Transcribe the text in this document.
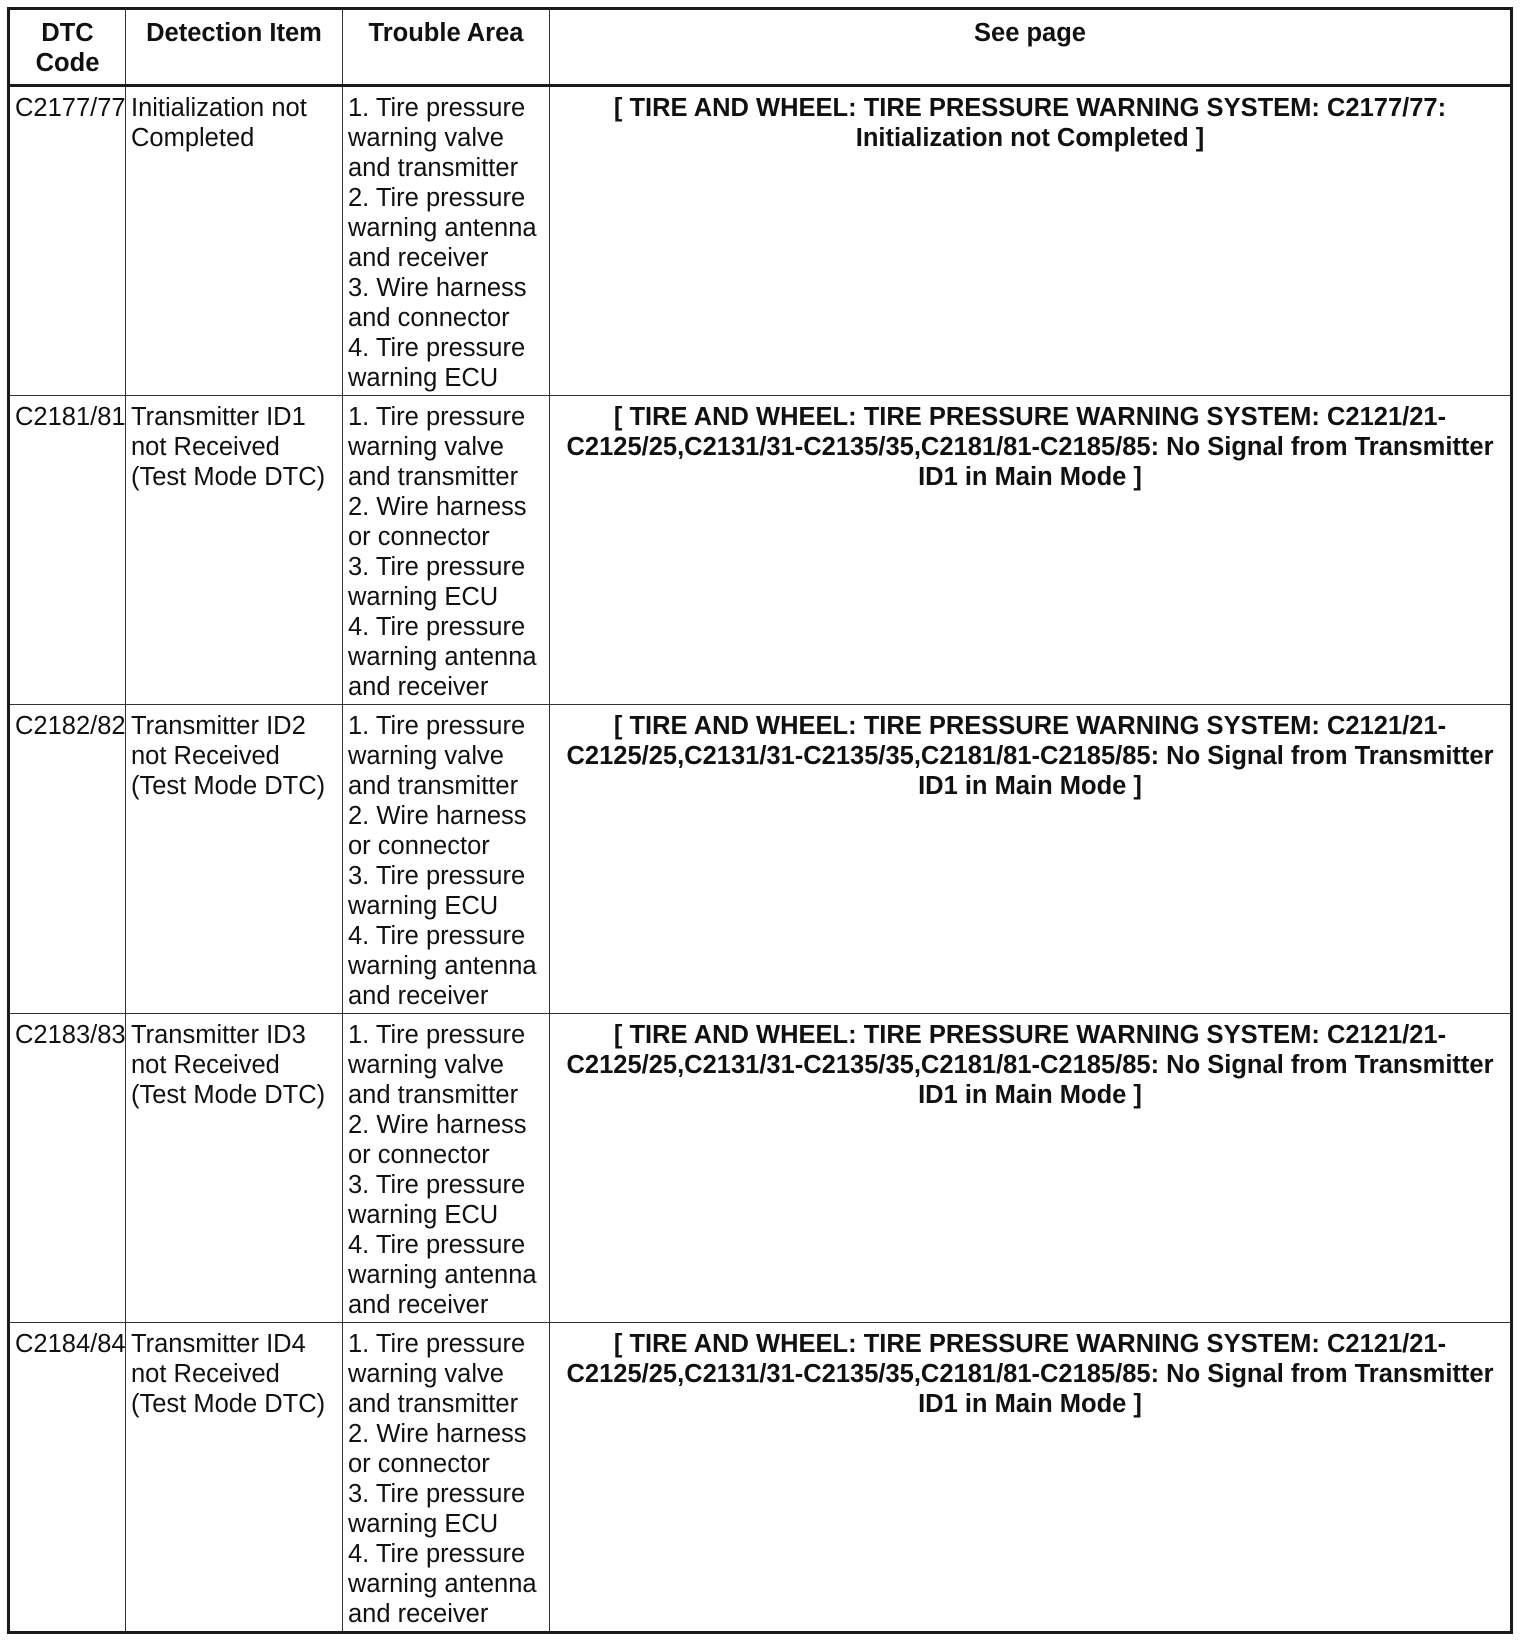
DTC Code	Detection Item	Trouble Area	See page
C2177/77	Initialization not Completed	1. Tire pressure warning valve and transmitter
2. Tire pressure warning antenna and receiver
3. Wire harness and connector
4. Tire pressure warning ECU	[ TIRE AND WHEEL: TIRE PRESSURE WARNING SYSTEM: C2177/77: Initialization not Completed ]
C2181/81	Transmitter ID1 not Received (Test Mode DTC)	1. Tire pressure warning valve and transmitter
2. Wire harness or connector
3. Tire pressure warning ECU
4. Tire pressure warning antenna and receiver	[ TIRE AND WHEEL: TIRE PRESSURE WARNING SYSTEM: C2121/21-C2125/25,C2131/31-C2135/35,C2181/81-C2185/85: No Signal from Transmitter ID1 in Main Mode ]
C2182/82	Transmitter ID2 not Received (Test Mode DTC)	1. Tire pressure warning valve and transmitter
2. Wire harness or connector
3. Tire pressure warning ECU
4. Tire pressure warning antenna and receiver	[ TIRE AND WHEEL: TIRE PRESSURE WARNING SYSTEM: C2121/21-C2125/25,C2131/31-C2135/35,C2181/81-C2185/85: No Signal from Transmitter ID1 in Main Mode ]
C2183/83	Transmitter ID3 not Received (Test Mode DTC)	1. Tire pressure warning valve and transmitter
2. Wire harness or connector
3. Tire pressure warning ECU
4. Tire pressure warning antenna and receiver	[ TIRE AND WHEEL: TIRE PRESSURE WARNING SYSTEM: C2121/21-C2125/25,C2131/31-C2135/35,C2181/81-C2185/85: No Signal from Transmitter ID1 in Main Mode ]
C2184/84	Transmitter ID4 not Received (Test Mode DTC)	1. Tire pressure warning valve and transmitter
2. Wire harness or connector
3. Tire pressure warning ECU
4. Tire pressure warning antenna and receiver	[ TIRE AND WHEEL: TIRE PRESSURE WARNING SYSTEM: C2121/21-C2125/25,C2131/31-C2135/35,C2181/81-C2185/85: No Signal from Transmitter ID1 in Main Mode ]
